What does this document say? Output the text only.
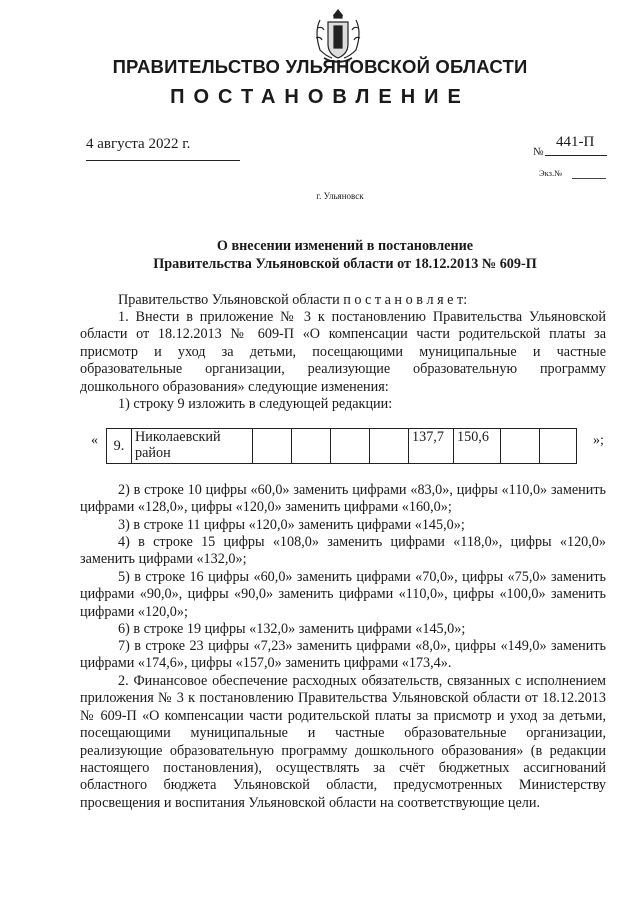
ПРАВИТЕЛЬСТВО УЛЬЯНОВСКОЙ ОБЛАСТИ
ПОСТАНОВЛЕНИЕ
4 августа 2022 г.	№
441-П
Экз.№
г. Ульяновск
О внесении изменений в постановление
Правительства Ульяновской области от 18.12.2013 № 609-П

Правительство Ульяновской области п о с т а н о в л я е т:

1. Внести в приложение № 3 к постановлению Правительства Ульяновской области от 18.12.2013 № 609-П «О компенсации части родительской платы за присмотр и уход за детьми, посещающими муниципальные и частные образовательные организации, реализующие образовательную программу дошкольного образования» следующие изменения:

1) строку 9 изложить в следующей редакции:

« 9.	Николаевский район					137,7	150,6			»;

2) в строке 10 цифры «60,0» заменить цифрами «83,0», цифры «110,0» заменить цифрами «128,0», цифры «120,0» заменить цифрами «160,0»;

3) в строке 11 цифры «120,0» заменить цифрами «145,0»;

4) в строке 15 цифры «108,0» заменить цифрами «118,0», цифры «120,0» заменить цифрами «132,0»;

5) в строке 16 цифры «60,0» заменить цифрами «70,0», цифры «75,0» заменить цифрами «90,0», цифры «90,0» заменить цифрами «110,0», цифры «100,0» заменить цифрами «120,0»;

6) в строке 19 цифры «132,0» заменить цифрами «145,0»;

7) в строке 23 цифры «7,23» заменить цифрами «8,0», цифры «149,0» заменить цифрами «174,6», цифры «157,0» заменить цифрами «173,4».

2. Финансовое обеспечение расходных обязательств, связанных с исполнением приложения № 3 к постановлению Правительства Ульяновской области от 18.12.2013 № 609-П «О компенсации части родительской платы за присмотр и уход за детьми, посещающими муниципальные и частные образовательные организации, реализующие образовательную программу дошкольного образования» (в редакции настоящего постановления), осуществлять за счёт бюджетных ассигнований областного бюджета Ульяновской области, предусмотренных Министерству просвещения и воспитания Ульяновской области на соответствующие цели.
